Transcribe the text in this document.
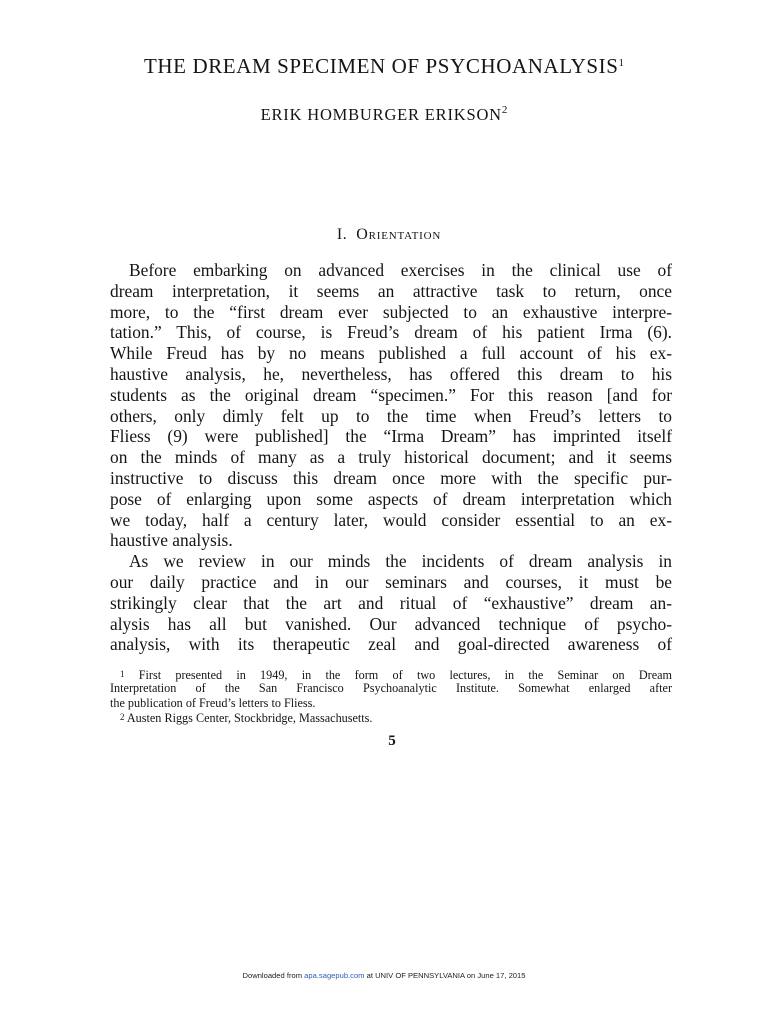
THE DREAM SPECIMEN OF PSYCHOANALYSIS$^1$
ERIK HOMBURGER ERIKSON$^2$
I. Orientation
Before embarking on advanced exercises in the clinical use of
dream interpretation, it seems an attractive task to return, once
more, to the “first dream ever subjected to an exhaustive interpre-
tation.” This, of course, is Freud’s dream of his patient Irma (6).
While Freud has by no means published a full account of his ex-
haustive analysis, he, nevertheless, has offered this dream to his
students as the original dream “specimen.” For this reason [and for
others, only dimly felt up to the time when Freud’s letters to
Fliess (9) were published] the “Irma Dream” has imprinted itself
on the minds of many as a truly historical document; and it seems
instructive to discuss this dream once more with the specific pur-
pose of enlarging upon some aspects of dream interpretation which
we today, half a century later, would consider essential to an ex-
haustive analysis.
As we review in our minds the incidents of dream analysis in
our daily practice and in our seminars and courses, it must be
strikingly clear that the art and ritual of “exhaustive” dream an-
alysis has all but vanished. Our advanced technique of psycho-
analysis, with its therapeutic zeal and goal-directed awareness of
$^1$ First presented in 1949, in the form of two lectures, in the Seminar on Dream
Interpretation of the San Francisco Psychoanalytic Institute. Somewhat enlarged after
the publication of Freud’s letters to Fliess.
$^2$ Austen Riggs Center, Stockbridge, Massachusetts.
5
Downloaded from apa.sagepub.com at UNIV OF PENNSYLVANIA on June 17, 2015
